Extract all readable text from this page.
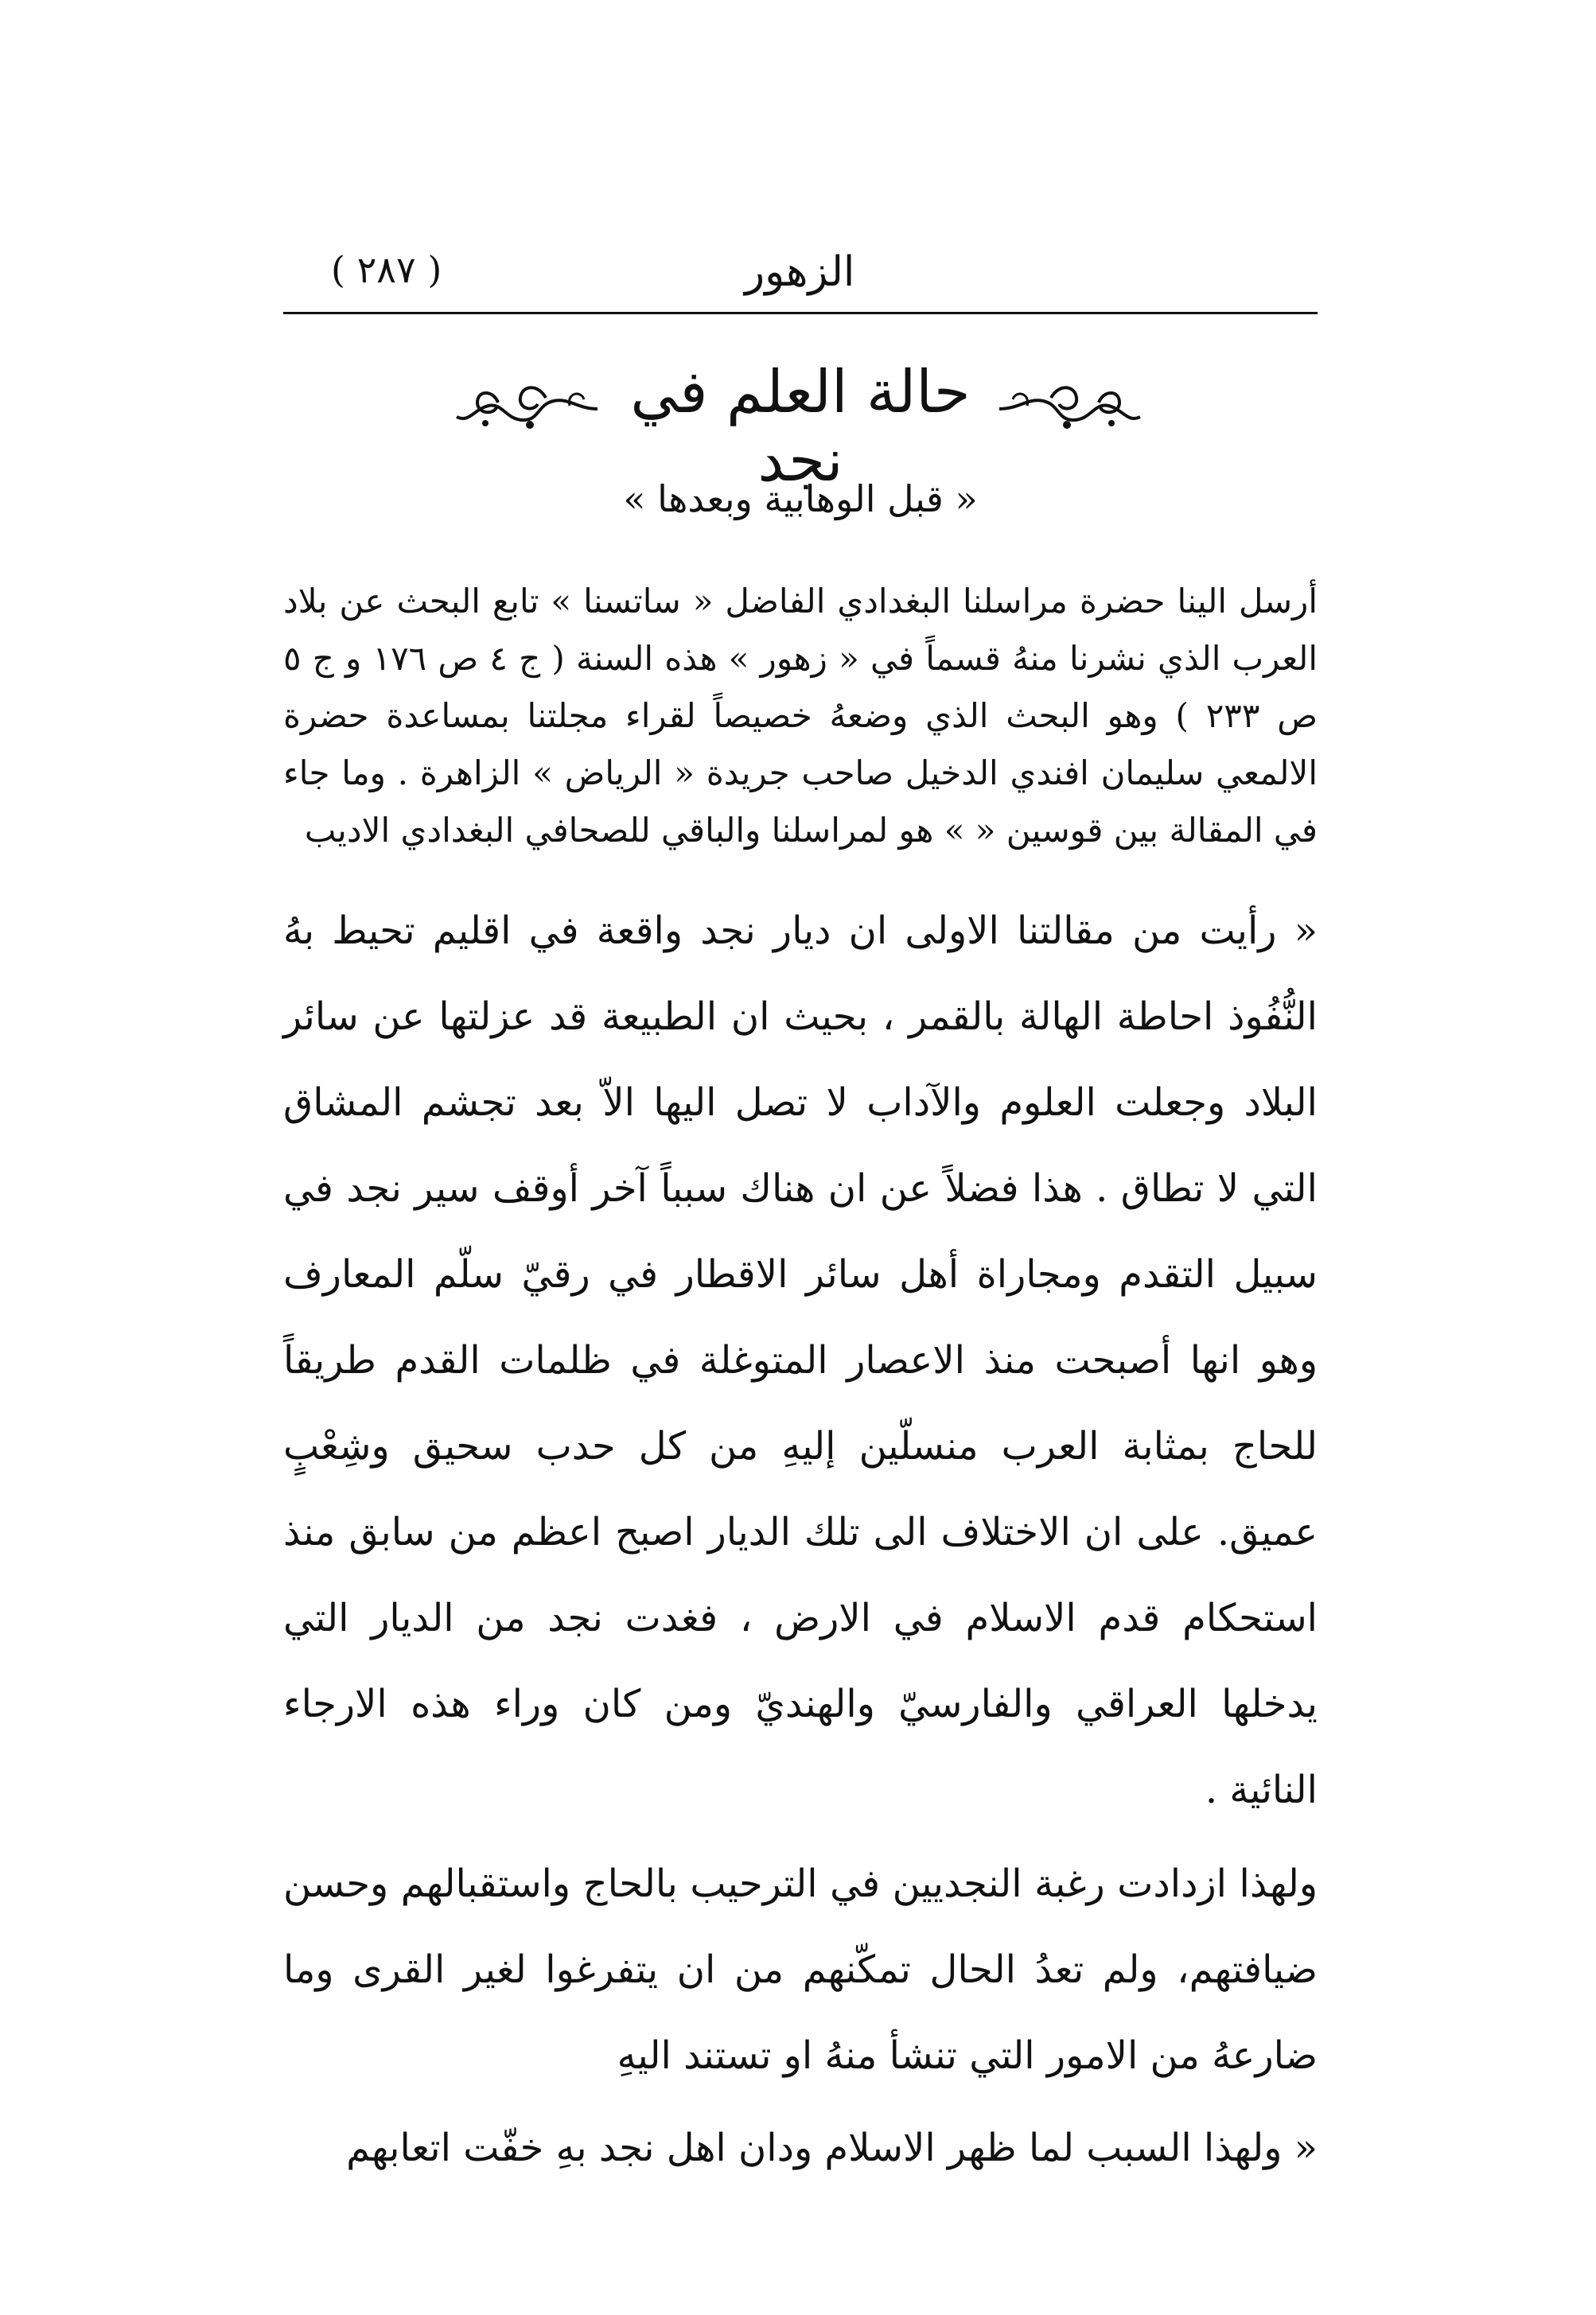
( ٢٨٧ )	الزهور
حالة العلم في نجد
« قبل الوهابية وبعدها »

أرسل الينا حضرة مراسلنا البغدادي الفاضل « ساتسنا » تابع البحث عن بلاد العرب الذي نشرنا منهُ قسماً في « زهور » هذه السنة ( ج ٤ ص ١٧٦ و ج ٥ ص ٢٣٣ ) وهو البحث الذي وضعهُ خصيصاً لقراء مجلتنا بمساعدة حضرة الالمعي سليمان افندي الدخيل صاحب جريدة « الرياض » الزاهرة . وما جاء في المقالة بين قوسين « » هو لمراسلنا والباقي للصحافي البغدادي الاديب

« رأيت من مقالتنا الاولى ان ديار نجد واقعة في اقليم تحيط بهُ النُّفُوذ احاطة الهالة بالقمر ، بحيث ان الطبيعة قد عزلتها عن سائر البلاد وجعلت العلوم والآداب لا تصل اليها الاّ بعد تجشم المشاق التي لا تطاق . هذا فضلاً عن ان هناك سبباً آخر أوقف سير نجد في سبيل التقدم ومجاراة أهل سائر الاقطار في رقيّ سلّم المعارف وهو انها أصبحت منذ الاعصار المتوغلة في ظلمات القدم طريقاً للحاج بمثابة العرب منسلّين إليهِ من كل حدب سحيق وشِعْبٍ عميق. على ان الاختلاف الى تلك الديار اصبح اعظم من سابق منذ استحكام قدم الاسلام في الارض ، فغدت نجد من الديار التي يدخلها العراقي والفارسيّ والهنديّ ومن كان وراء هذه الارجاء النائية .

ولهذا ازدادت رغبة النجديين في الترحيب بالحاج واستقبالهم وحسن ضيافتهم، ولم تعدُ الحال تمكّنهم من ان يتفرغوا لغير القرى وما ضارعهُ من الامور التي تنشأ منهُ او تستند اليهِ

« ولهذا السبب لما ظهر الاسلام ودان اهل نجد بهِ خفّت اتعابهم
